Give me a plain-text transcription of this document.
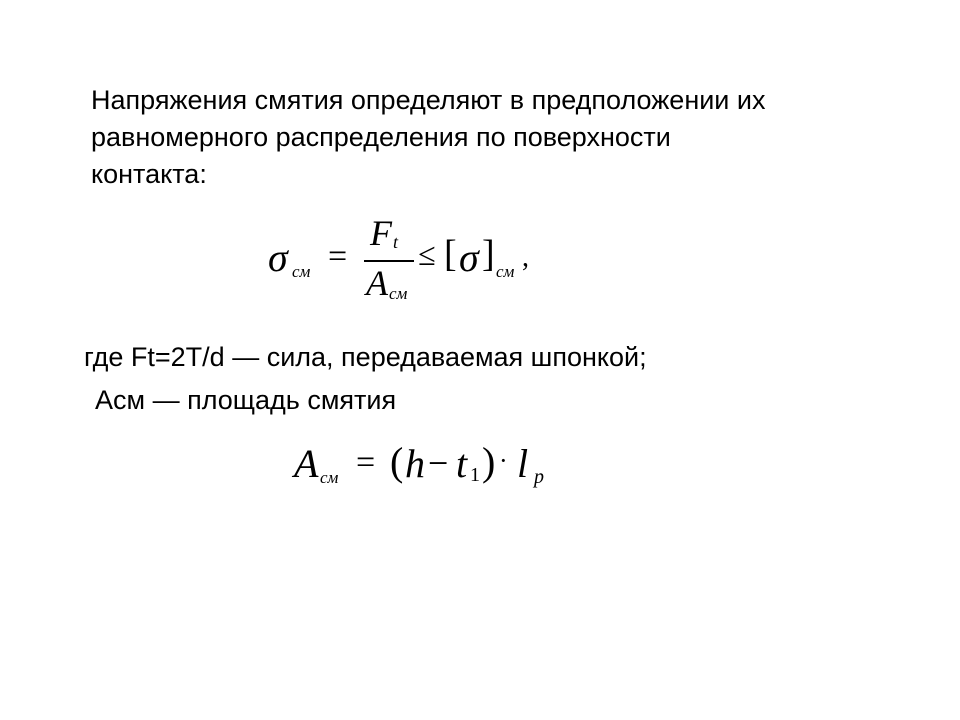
Напряжения смятия определяют в предположении их
равномерного распределения по поверхности
контакта:

σ см =
F t
A см
≤ [ σ ] см ,
где Ft=2T/d — сила, передаваемая шпонкой;
Асм — площадь смятия
A см = ( h − t 1 ) · l p
